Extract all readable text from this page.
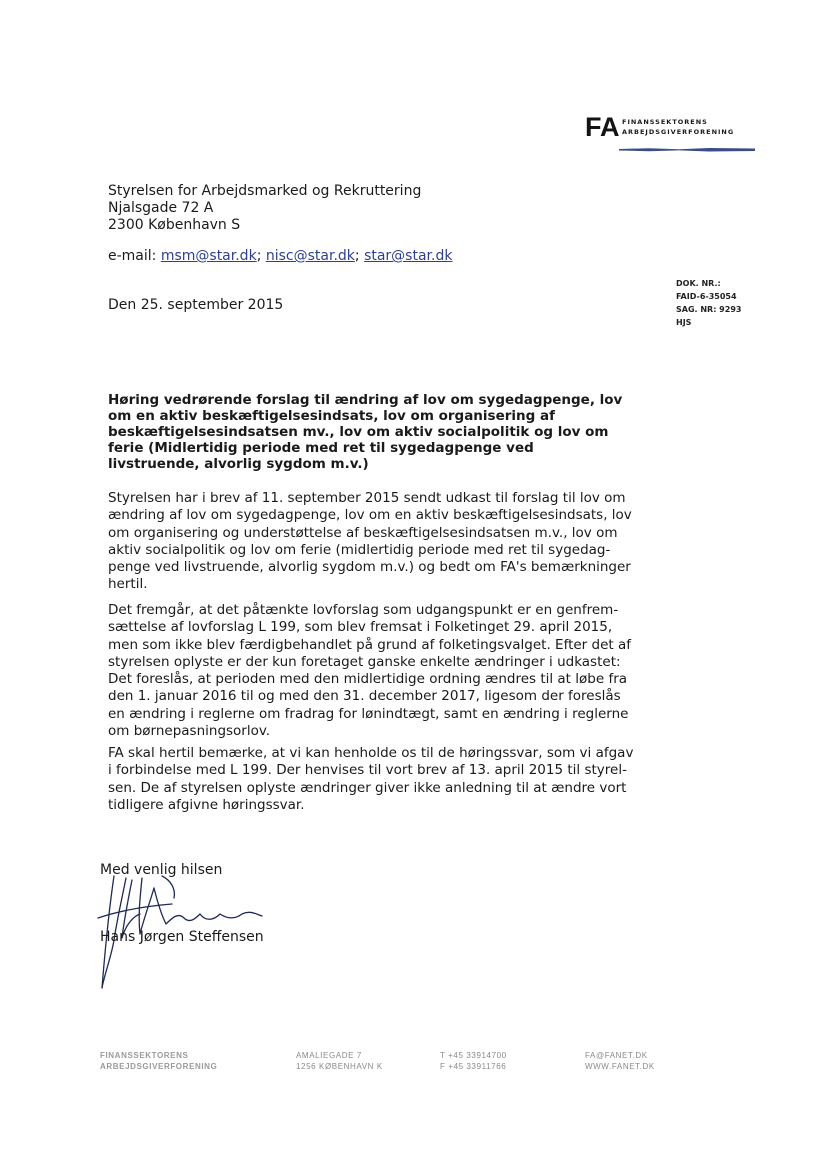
FA FINANSSEKTORENS
ARBEJDSGIVERFORENING
Styrelsen for Arbejdsmarked og Rekruttering
Njalsgade 72 A
2300 København S
e-mail: msm@star.dk; nisc@star.dk; star@star.dk
DOK. NR.:
FAID-6-35054
SAG. NR: 9293
HJS
Den 25. september 2015

Høring vedrørende forslag til ændring af lov om sygedagpenge, lov om en aktiv beskæftigelsesindsats, lov om organisering af beskæftigelsesindsatsen mv., lov om aktiv socialpolitik og lov om ferie (Midlertidig periode med ret til sygedagpenge ved livstruende, alvorlig sygdom m.v.)

Styrelsen har i brev af 11. september 2015 sendt udkast til forslag til lov om
ændring af lov om sygedagpenge, lov om en aktiv beskæftigelsesindsats, lov
om organisering og understøttelse af beskæftigelsesindsatsen m.v., lov om
aktiv socialpolitik og lov om ferie (midlertidig periode med ret til sygedag-
penge ved livstruende, alvorlig sygdom m.v.) og bedt om FA's bemærkninger
hertil.
Det fremgår, at det påtænkte lovforslag som udgangspunkt er en genfrem-
sættelse af lovforslag L 199, som blev fremsat i Folketinget 29. april 2015,
men som ikke blev færdigbehandlet på grund af folketingsvalget. Efter det af
styrelsen oplyste er der kun foretaget ganske enkelte ændringer i udkastet:
Det foreslås, at perioden med den midlertidige ordning ændres til at løbe fra
den 1. januar 2016 til og med den 31. december 2017, ligesom der foreslås
en ændring i reglerne om fradrag for lønindtægt, samt en ændring i reglerne
om børnepasningsorlov.
FA skal hertil bemærke, at vi kan henholde os til de høringssvar, som vi afgav
i forbindelse med L 199. Der henvises til vort brev af 13. april 2015 til styrel-
sen. De af styrelsen oplyste ændringer giver ikke anledning til at ændre vort
tidligere afgivne høringssvar.
Med venlig hilsen
Hans Jørgen Steffensen
FINANSSEKTORENS
ARBEJDSGIVERFORENING
AMALIEGADE 7
1256 KØBENHAVN K
T +45 33914700
F +45 33911766
FA@FANET.DK
WWW.FANET.DK
